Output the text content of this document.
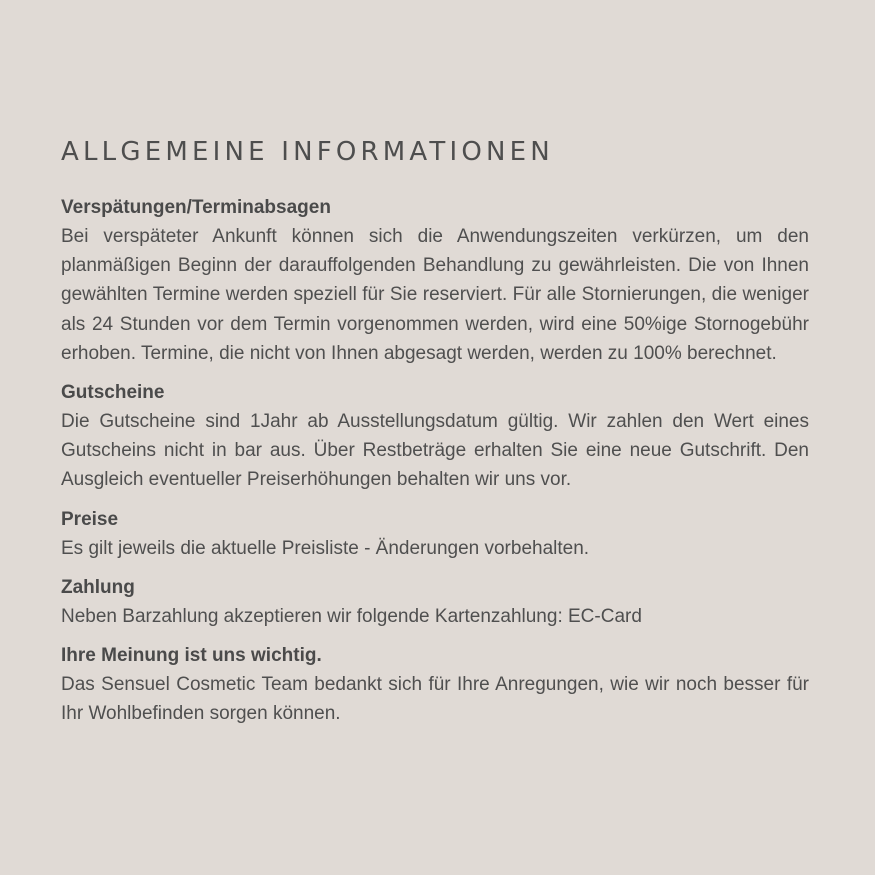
ALLGEMEINE INFORMATIONEN
Verspätungen/Terminabsagen

Bei verspäteter Ankunft können sich die Anwendungszeiten verkürzen, um den planmäßigen Beginn der darauffolgenden Behandlung zu gewährleisten. Die von Ihnen gewählten Termine werden speziell für Sie reserviert. Für alle Stornierungen, die weniger als 24 Stunden vor dem Termin vorgenommen werden, wird eine 50%ige Stornogebühr erhoben. Termine, die nicht von Ihnen abgesagt werden, werden zu 100% berechnet.

Gutscheine

Die Gutscheine sind 1Jahr ab Ausstellungsdatum gültig. Wir zahlen den Wert eines Gutscheins nicht in bar aus. Über Restbeträge erhalten Sie eine neue Gutschrift. Den Ausgleich eventueller Preiserhöhungen behalten wir uns vor.

Preise

Es gilt jeweils die aktuelle Preisliste - Änderungen vorbehalten.

Zahlung

Neben Barzahlung akzeptieren wir folgende Kartenzahlung: EC-Card

Ihre Meinung ist uns wichtig.

Das Sensuel Cosmetic Team bedankt sich für Ihre Anregungen, wie wir noch besser für Ihr Wohlbefinden sorgen können.
